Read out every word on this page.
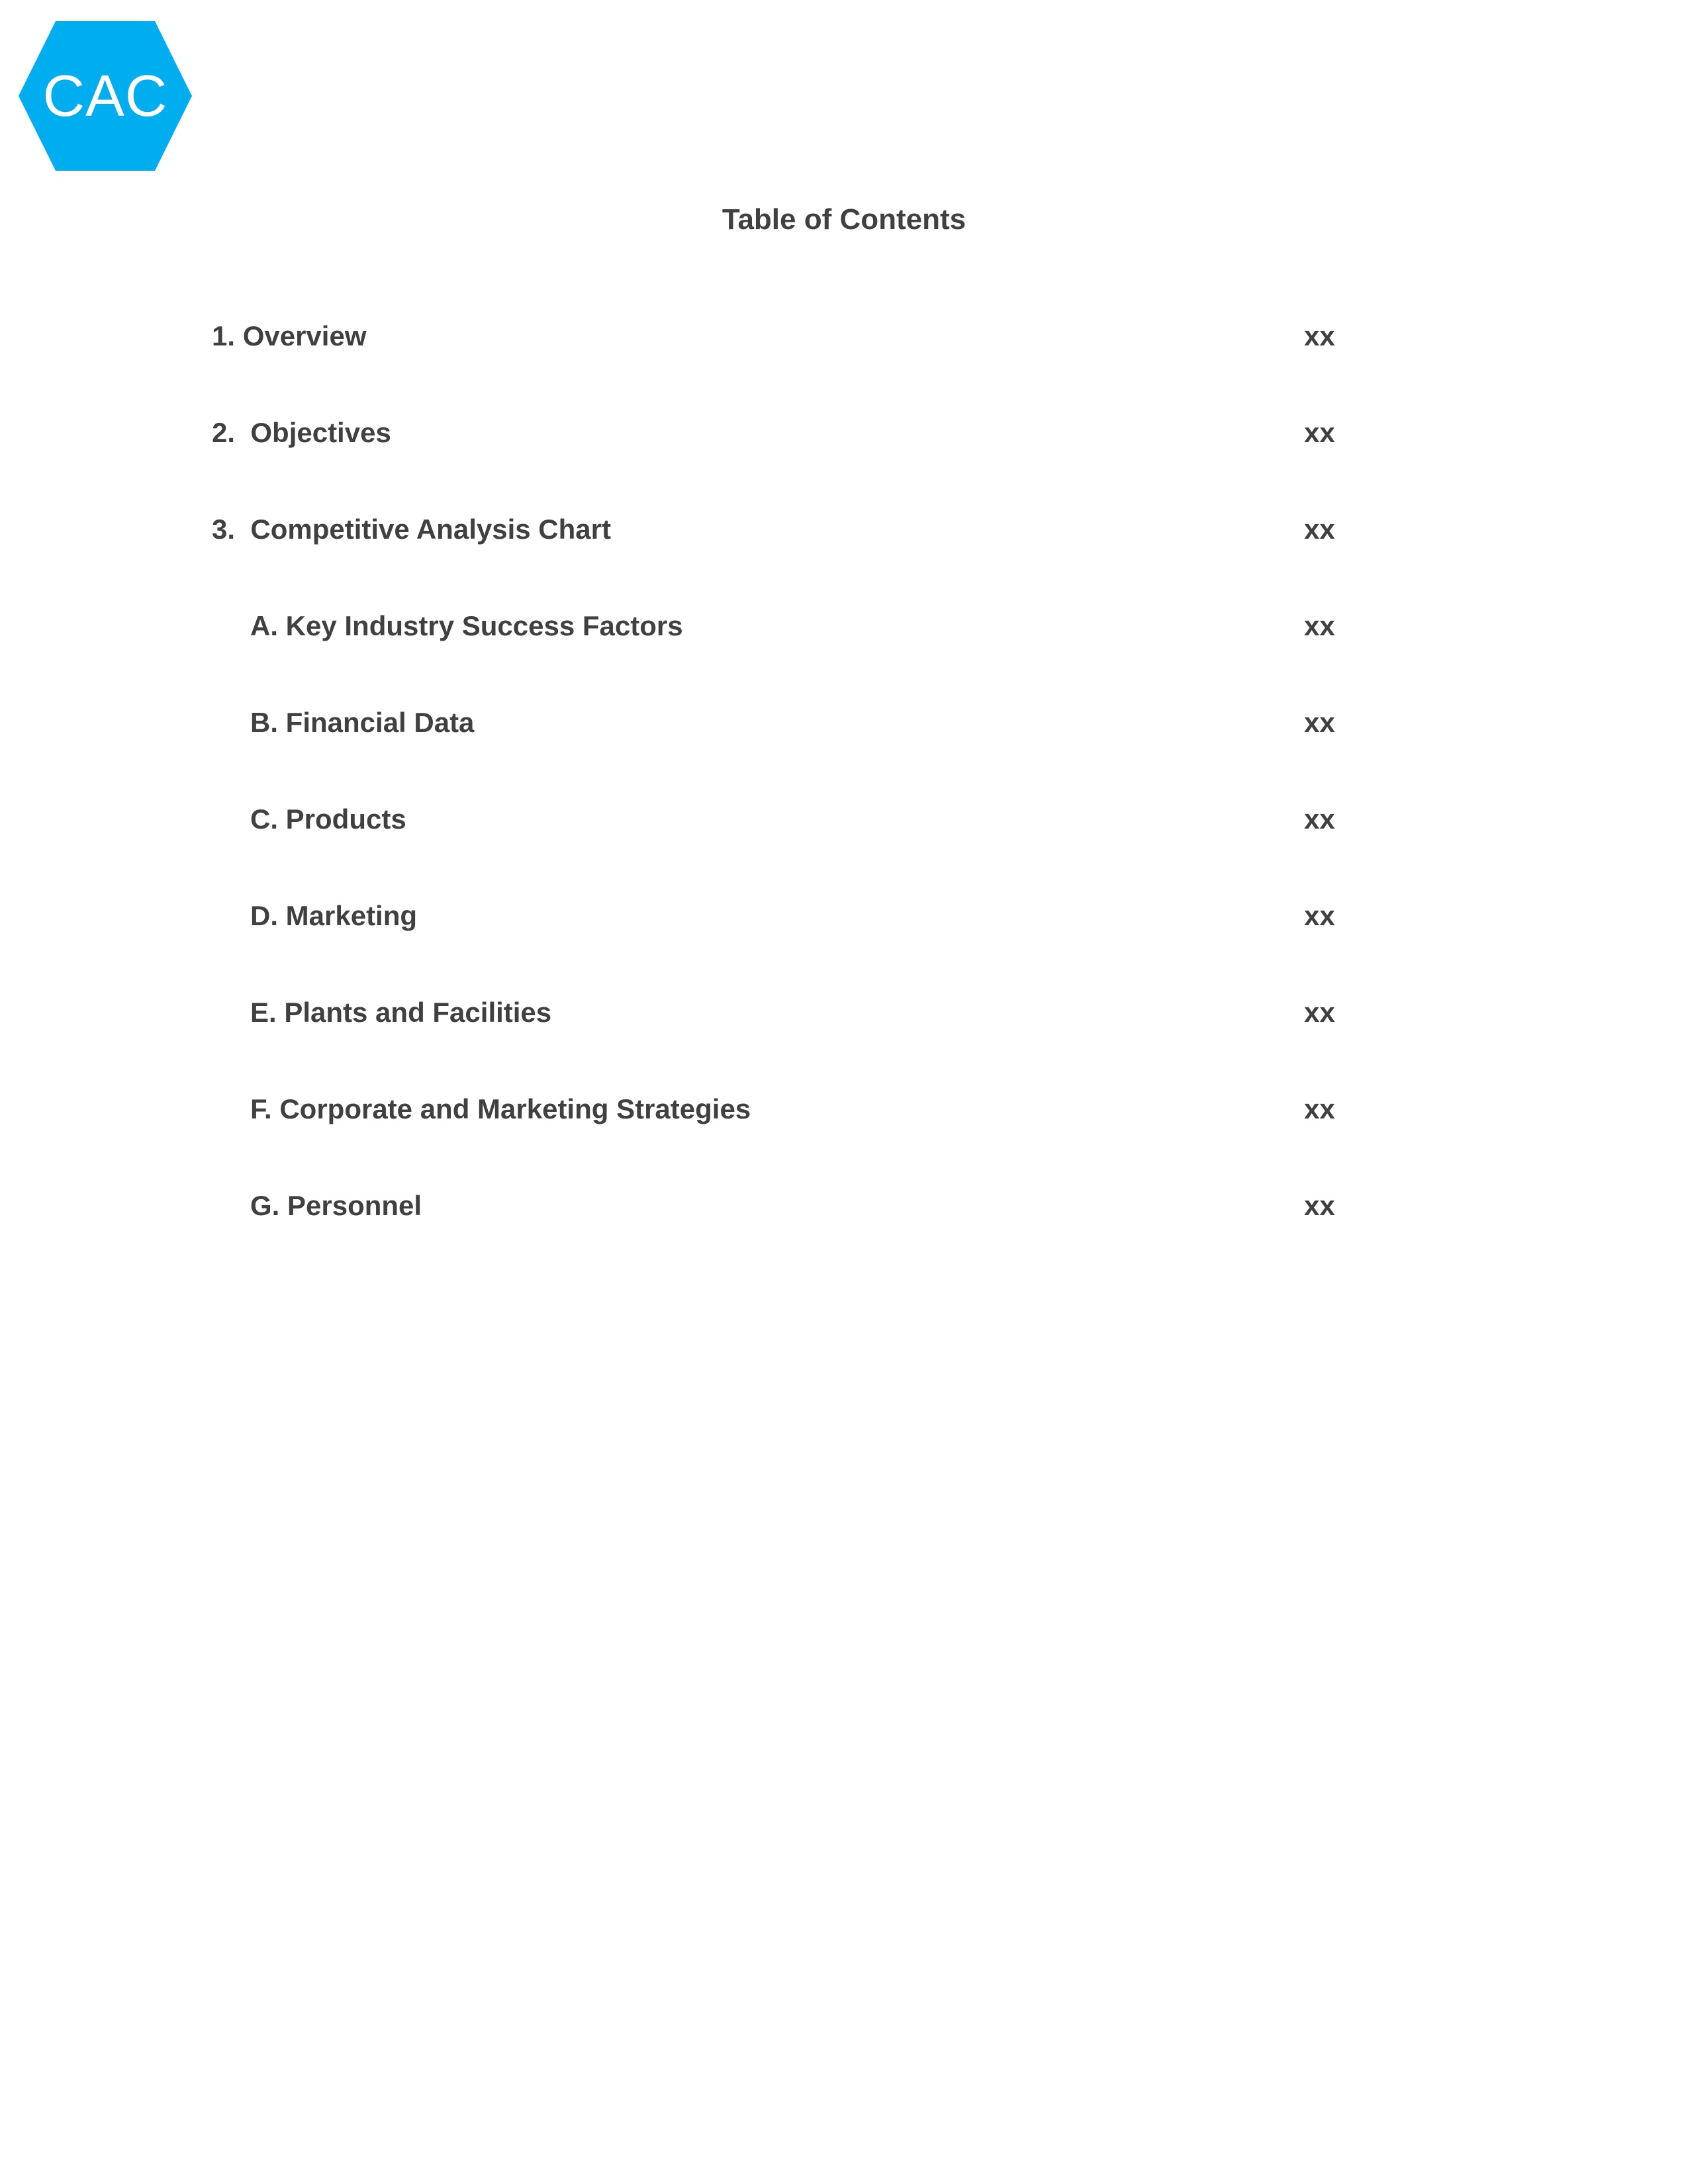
CAC
Table of Contents
1. Overview	xx
2.  Objectives	xx
3.  Competitive Analysis Chart	xx
A. Key Industry Success Factors	xx
B. Financial Data	xx
C. Products	xx
D. Marketing	xx
E. Plants and Facilities	xx
F. Corporate and Marketing Strategies	xx
G. Personnel	xx
